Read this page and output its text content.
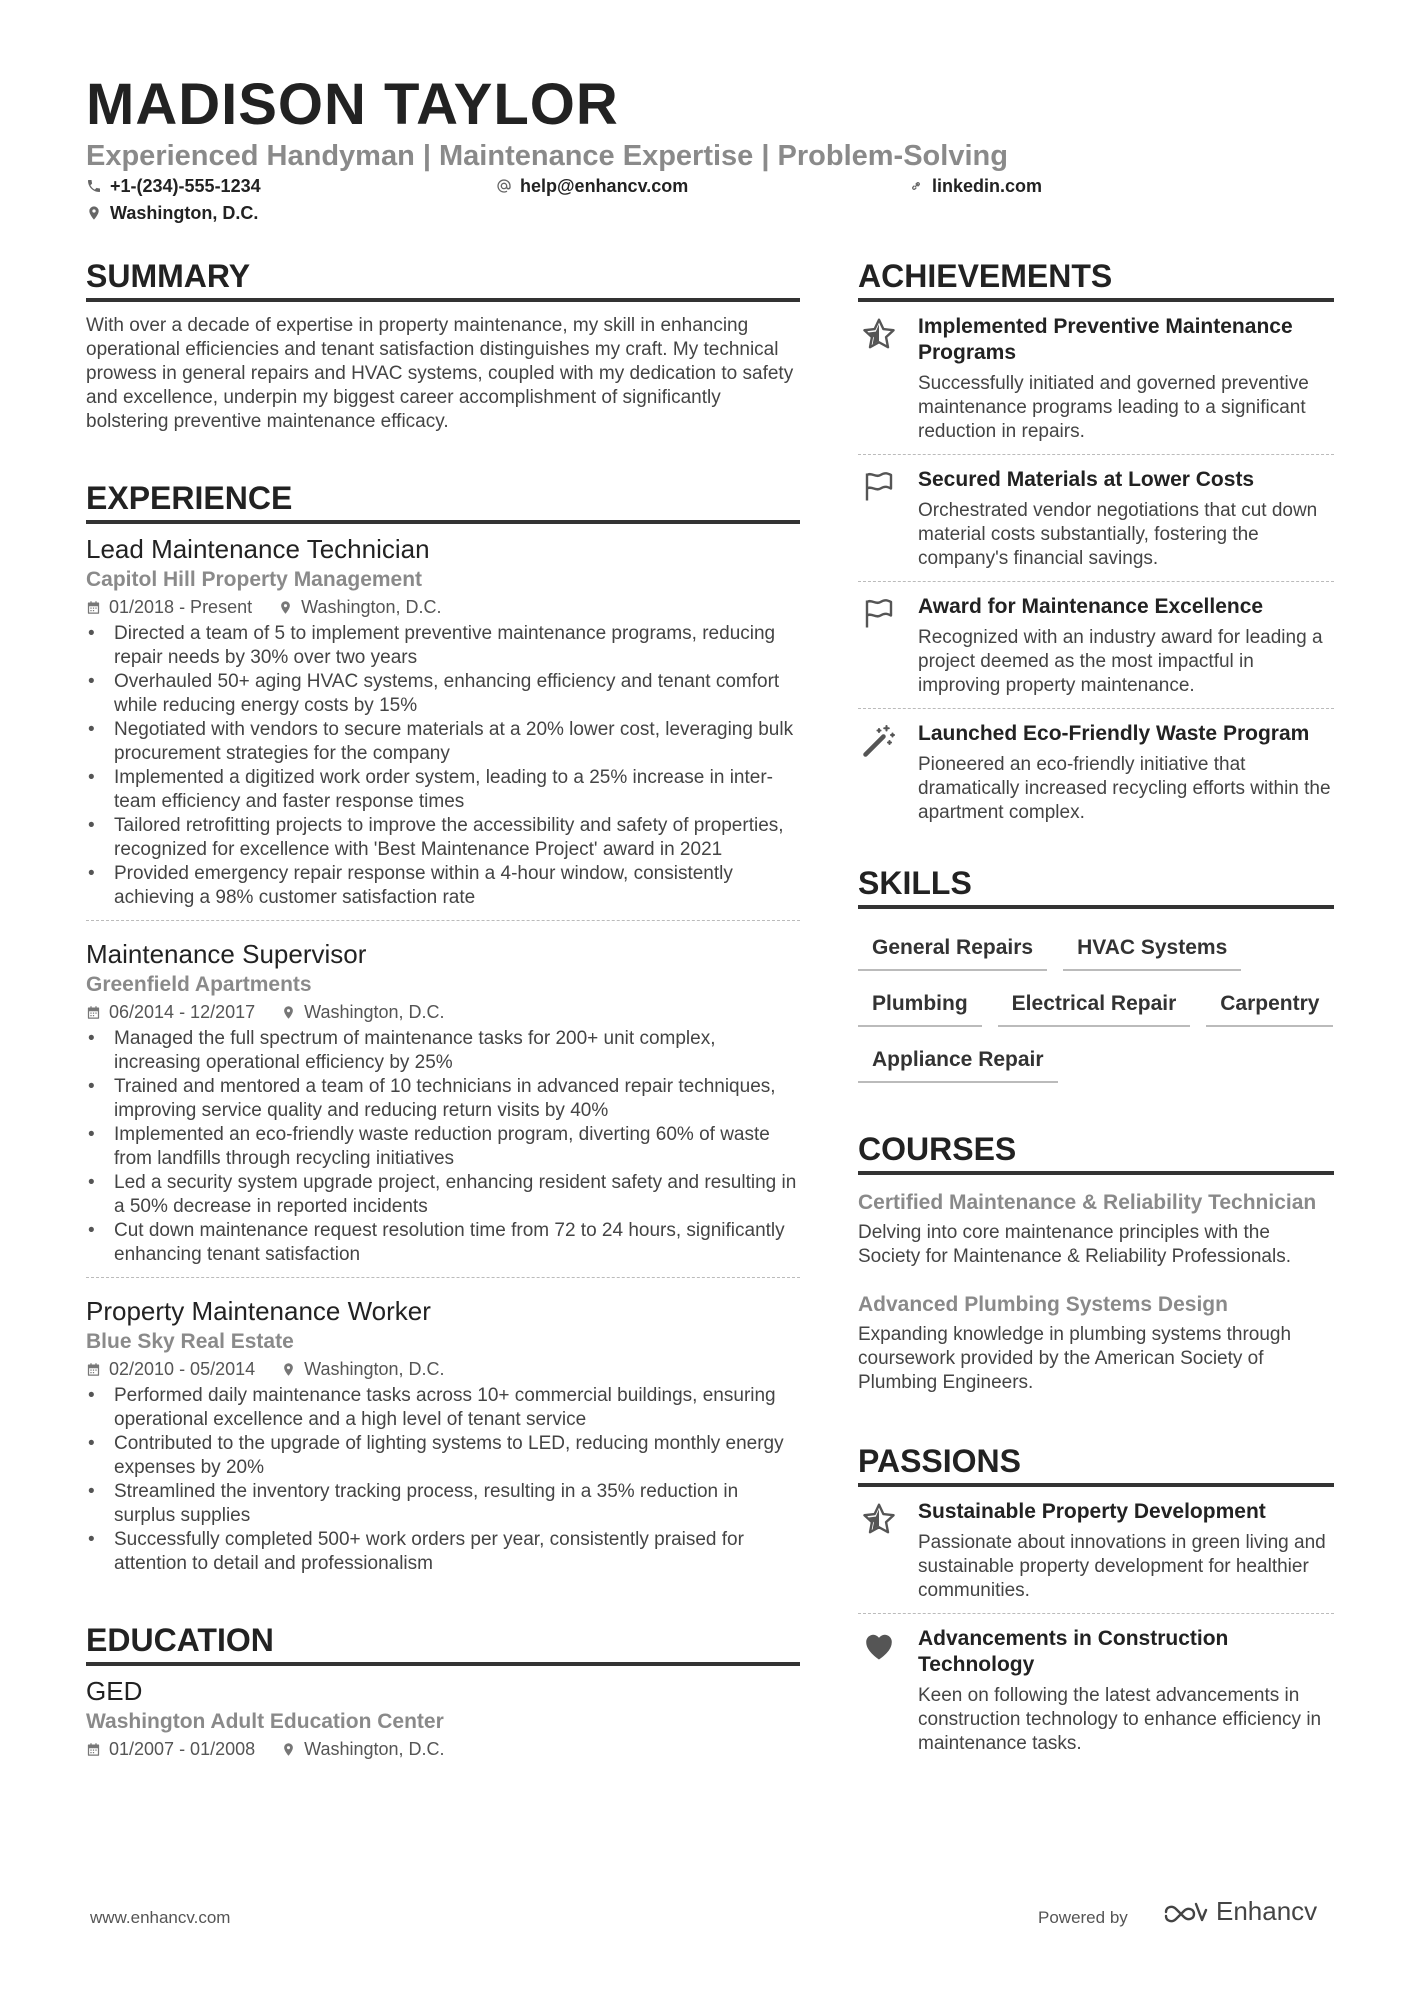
MADISON TAYLOR
Experienced Handyman | Maintenance Expertise | Problem-Solving
+1-(234)-555-1234	help@enhancv.com	linkedin.com
Washington, D.C.
SUMMARY
With over a decade of expertise in property maintenance, my skill in enhancing operational efficiencies and tenant satisfaction distinguishes my craft. My technical prowess in general repairs and HVAC systems, coupled with my dedication to safety and excellence, underpin my biggest career accomplishment of significantly bolstering preventive maintenance efficacy.
EXPERIENCE
Lead Maintenance Technician
Capitol Hill Property Management
01/2018 - Present	Washington, D.C.
• Directed a team of 5 to implement preventive maintenance programs, reducing repair needs by 30% over two years
• Overhauled 50+ aging HVAC systems, enhancing efficiency and tenant comfort while reducing energy costs by 15%
• Negotiated with vendors to secure materials at a 20% lower cost, leveraging bulk procurement strategies for the company
• Implemented a digitized work order system, leading to a 25% increase in inter-team efficiency and faster response times
• Tailored retrofitting projects to improve the accessibility and safety of properties, recognized for excellence with 'Best Maintenance Project' award in 2021
• Provided emergency repair response within a 4-hour window, consistently achieving a 98% customer satisfaction rate
Maintenance Supervisor
Greenfield Apartments
06/2014 - 12/2017	Washington, D.C.
• Managed the full spectrum of maintenance tasks for 200+ unit complex, increasing operational efficiency by 25%
• Trained and mentored a team of 10 technicians in advanced repair techniques, improving service quality and reducing return visits by 40%
• Implemented an eco-friendly waste reduction program, diverting 60% of waste from landfills through recycling initiatives
• Led a security system upgrade project, enhancing resident safety and resulting in a 50% decrease in reported incidents
• Cut down maintenance request resolution time from 72 to 24 hours, significantly enhancing tenant satisfaction
Property Maintenance Worker
Blue Sky Real Estate
02/2010 - 05/2014	Washington, D.C.
• Performed daily maintenance tasks across 10+ commercial buildings, ensuring operational excellence and a high level of tenant service
• Contributed to the upgrade of lighting systems to LED, reducing monthly energy expenses by 20%
• Streamlined the inventory tracking process, resulting in a 35% reduction in surplus supplies
• Successfully completed 500+ work orders per year, consistently praised for attention to detail and professionalism
EDUCATION
GED
Washington Adult Education Center
01/2007 - 01/2008	Washington, D.C.
ACHIEVEMENTS
Implemented Preventive Maintenance Programs
Successfully initiated and governed preventive maintenance programs leading to a significant reduction in repairs.
Secured Materials at Lower Costs
Orchestrated vendor negotiations that cut down material costs substantially, fostering the company's financial savings.
Award for Maintenance Excellence
Recognized with an industry award for leading a project deemed as the most impactful in improving property maintenance.
Launched Eco-Friendly Waste Program
Pioneered an eco-friendly initiative that dramatically increased recycling efforts within the apartment complex.
SKILLS
General Repairs	HVAC Systems
Plumbing	Electrical Repair	Carpentry
Appliance Repair
COURSES
Certified Maintenance & Reliability Technician
Delving into core maintenance principles with the Society for Maintenance & Reliability Professionals.
Advanced Plumbing Systems Design
Expanding knowledge in plumbing systems through coursework provided by the American Society of Plumbing Engineers.
PASSIONS
Sustainable Property Development
Passionate about innovations in green living and sustainable property development for healthier communities.
Advancements in Construction Technology
Keen on following the latest advancements in construction technology to enhance efficiency in maintenance tasks.
www.enhancv.com	Powered by	Enhancv
